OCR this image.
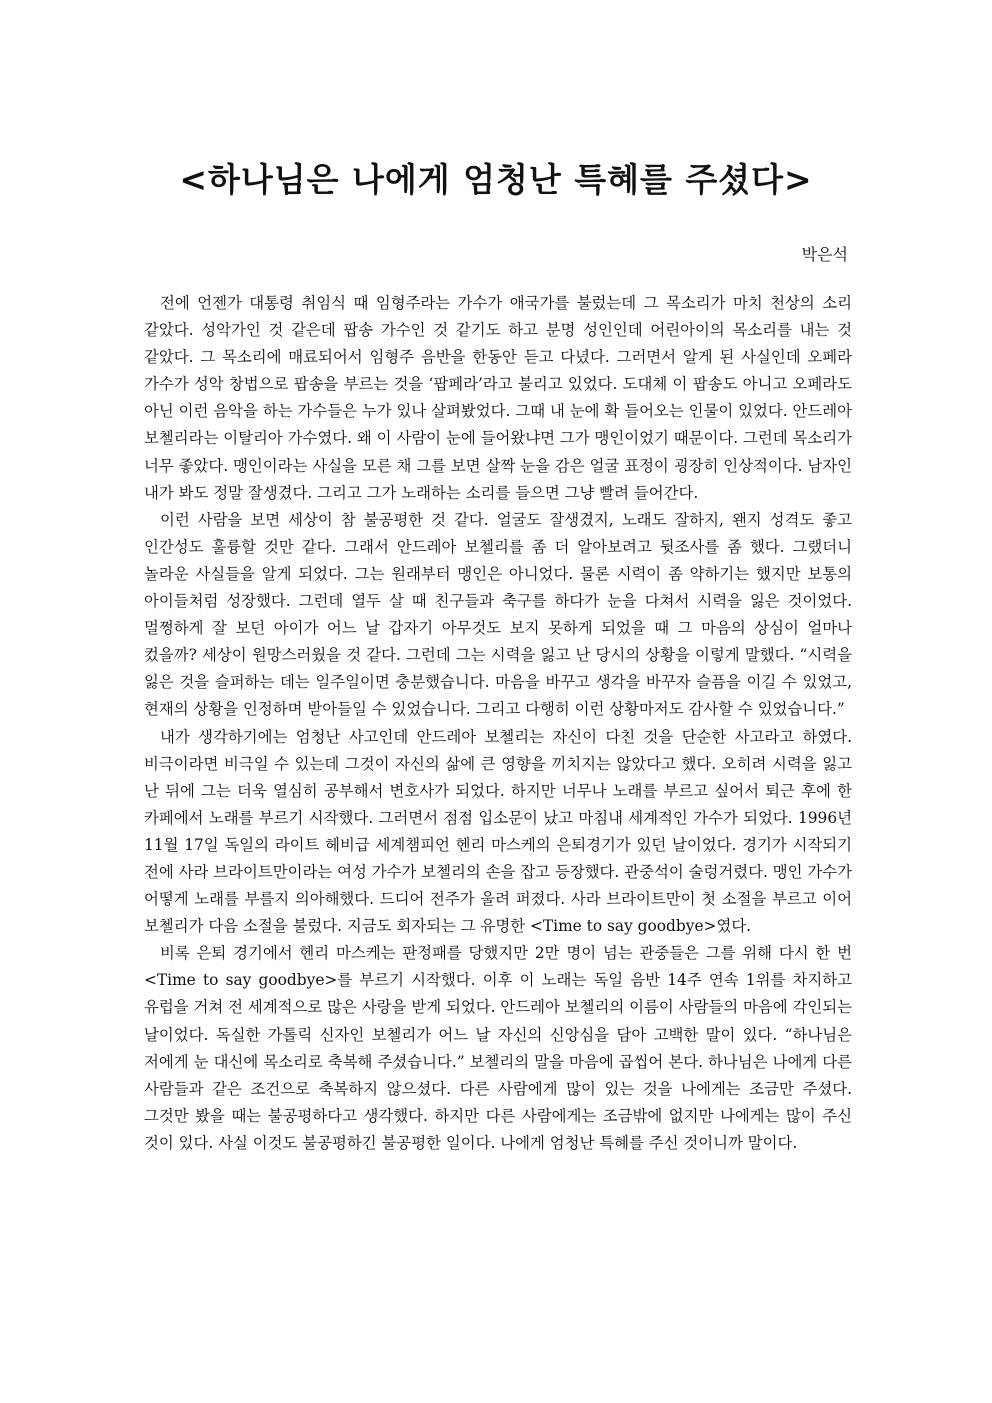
<하나님은 나에게 엄청난 특혜를 주셨다>

박은석

전에 언젠가 대통령 취임식 때 임형주라는 가수가 애국가를 불렀는데 그 목소리가 마치 천상의 소리 같았다. 성악가인 것 같은데 팝송 가수인 것 같기도 하고 분명 성인인데 어린아이의 목소리를 내는 것 같았다. 그 목소리에 매료되어서 임형주 음반을 한동안 듣고 다녔다. 그러면서 알게 된 사실인데 오페라 가수가 성악 창법으로 팝송을 부르는 것을 ‘팝페라’라고 불리고 있었다. 도대체 이 팝송도 아니고 오페라도 아닌 이런 음악을 하는 가수들은 누가 있나 살펴봤었다. 그때 내 눈에 확 들어오는 인물이 있었다. 안드레아 보첼리라는 이탈리아 가수였다. 왜 이 사람이 눈에 들어왔냐면 그가 맹인이었기 때문이다. 그런데 목소리가 너무 좋았다. 맹인이라는 사실을 모른 채 그를 보면 살짝 눈을 감은 얼굴 표정이 굉장히 인상적이다. 남자인 내가 봐도 정말 잘생겼다. 그리고 그가 노래하는 소리를 들으면 그냥 빨려 들어간다.

이런 사람을 보면 세상이 참 불공평한 것 같다. 얼굴도 잘생겼지, 노래도 잘하지, 왠지 성격도 좋고 인간성도 훌륭할 것만 같다. 그래서 안드레아 보첼리를 좀 더 알아보려고 뒷조사를 좀 했다. 그랬더니 놀라운 사실들을 알게 되었다. 그는 원래부터 맹인은 아니었다. 물론 시력이 좀 약하기는 했지만 보통의 아이들처럼 성장했다. 그런데 열두 살 때 친구들과 축구를 하다가 눈을 다쳐서 시력을 잃은 것이었다. 멀쩡하게 잘 보던 아이가 어느 날 갑자기 아무것도 보지 못하게 되었을 때 그 마음의 상심이 얼마나 컸을까? 세상이 원망스러웠을 것 같다. 그런데 그는 시력을 잃고 난 당시의 상황을 이렇게 말했다. “시력을 잃은 것을 슬퍼하는 데는 일주일이면 충분했습니다. 마음을 바꾸고 생각을 바꾸자 슬픔을 이길 수 있었고, 현재의 상황을 인정하며 받아들일 수 있었습니다. 그리고 다행히 이런 상황마저도 감사할 수 있었습니다.”

내가 생각하기에는 엄청난 사고인데 안드레아 보첼리는 자신이 다친 것을 단순한 사고라고 하였다. 비극이라면 비극일 수 있는데 그것이 자신의 삶에 큰 영향을 끼치지는 않았다고 했다. 오히려 시력을 잃고 난 뒤에 그는 더욱 열심히 공부해서 변호사가 되었다. 하지만 너무나 노래를 부르고 싶어서 퇴근 후에 한 카페에서 노래를 부르기 시작했다. 그러면서 점점 입소문이 났고 마침내 세계적인 가수가 되었다. 1996년 11월 17일 독일의 라이트 헤비급 세계챔피언 헨리 마스케의 은퇴경기가 있던 날이었다. 경기가 시작되기 전에 사라 브라이트만이라는 여성 가수가 보첼리의 손을 잡고 등장했다. 관중석이 술렁거렸다. 맹인 가수가 어떻게 노래를 부를지 의아해했다. 드디어 전주가 울려 퍼졌다. 사라 브라이트만이 첫 소절을 부르고 이어 보첼리가 다음 소절을 불렀다. 지금도 회자되는 그 유명한 <Time to say goodbye>였다.

비록 은퇴 경기에서 헨리 마스케는 판정패를 당했지만 2만 명이 넘는 관중들은 그를 위해 다시 한 번 <Time to say goodbye>를 부르기 시작했다. 이후 이 노래는 독일 음반 14주 연속 1위를 차지하고 유럽을 거쳐 전 세계적으로 많은 사랑을 받게 되었다. 안드레아 보첼리의 이름이 사람들의 마음에 각인되는 날이었다. 독실한 가톨릭 신자인 보첼리가 어느 날 자신의 신앙심을 담아 고백한 말이 있다. “하나님은 저에게 눈 대신에 목소리로 축복해 주셨습니다.” 보첼리의 말을 마음에 곱씹어 본다. 하나님은 나에게 다른 사람들과 같은 조건으로 축복하지 않으셨다. 다른 사람에게 많이 있는 것을 나에게는 조금만 주셨다. 그것만 봤을 때는 불공평하다고 생각했다. 하지만 다른 사람에게는 조금밖에 없지만 나에게는 많이 주신 것이 있다. 사실 이것도 불공평하긴 불공평한 일이다. 나에게 엄청난 특혜를 주신 것이니까 말이다.
